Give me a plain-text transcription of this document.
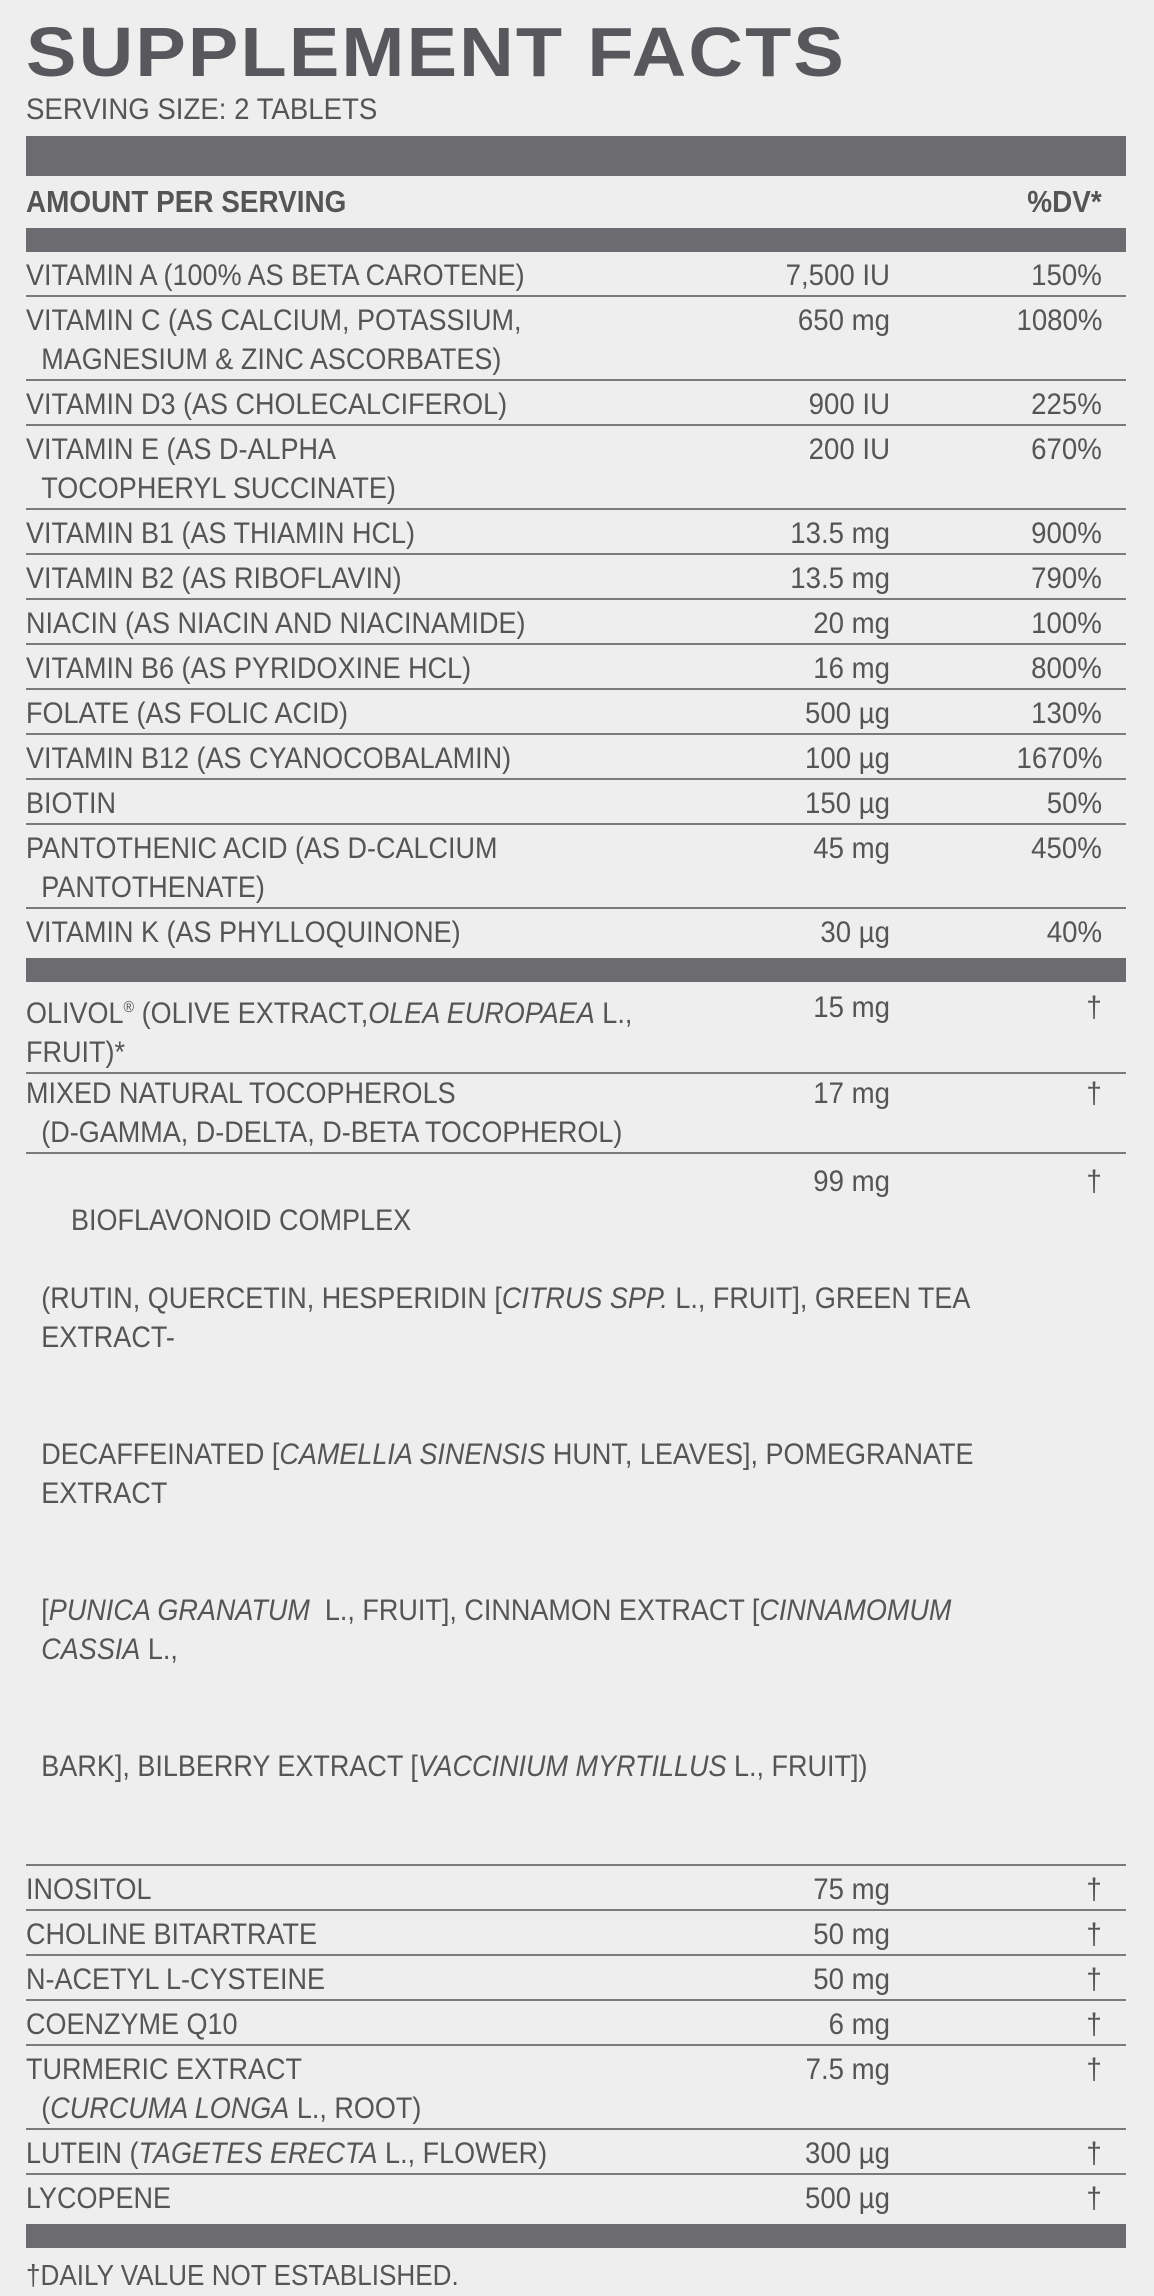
SUPPLEMENT FACTS
SERVING SIZE: 2 TABLETS
AMOUNT PER SERVING	%DV*
VITAMIN A (100% AS BETA CAROTENE)	7,500 IU	150%
VITAMIN C (AS CALCIUM, POTASSIUM,
MAGNESIUM & ZINC ASCORBATES)
650 mg	1080%
VITAMIN D3 (AS CHOLECALCIFEROL)	900 IU	225%
VITAMIN E (AS D-ALPHA
TOCOPHERYL SUCCINATE)
200 IU	670%
VITAMIN B1 (AS THIAMIN HCL)	13.5 mg	900%
VITAMIN B2 (AS RIBOFLAVIN)	13.5 mg	790%
NIACIN (AS NIACIN AND NIACINAMIDE)	20 mg	100%
VITAMIN B6 (AS PYRIDOXINE HCL)	16 mg	800%
FOLATE (AS FOLIC ACID)	500 µg	130%
VITAMIN B12 (AS CYANOCOBALAMIN)	100 µg	1670%
BIOTIN	150 µg	50%
PANTOTHENIC ACID (AS D-CALCIUM
PANTOTHENATE)
45 mg	450%
VITAMIN K (AS PHYLLOQUINONE)	30 µg	40%
OLIVOL® (OLIVE EXTRACT,OLEA EUROPAEA L., FRUIT)*
15 mg	†
MIXED NATURAL TOCOPHEROLS
(D-GAMMA, D-DELTA, D-BETA TOCOPHEROL)
17 mg	†

BIOFLAVONOID COMPLEX

(RUTIN, QUERCETIN, HESPERIDIN [CITRUS SPP. L., FRUIT], GREEN TEA EXTRACT-

DECAFFEINATED [CAMELLIA SINENSIS HUNT, LEAVES], POMEGRANATE EXTRACT

[PUNICA GRANATUM  L., FRUIT], CINNAMON EXTRACT [CINNAMOMUM CASSIA L.,

BARK], BILBERRY EXTRACT [VACCINIUM MYRTILLUS L., FRUIT])

99 mg	†
INOSITOL	75 mg	†
CHOLINE BITARTRATE	50 mg	†
N-ACETYL L-CYSTEINE	50 mg	†
COENZYME Q10	6 mg	†
TURMERIC EXTRACT
(CURCUMA LONGA L., ROOT)
7.5 mg	†
LUTEIN (TAGETES ERECTA L., FLOWER)	300 µg	†
LYCOPENE	500 µg	†
†DAILY VALUE NOT ESTABLISHED.
